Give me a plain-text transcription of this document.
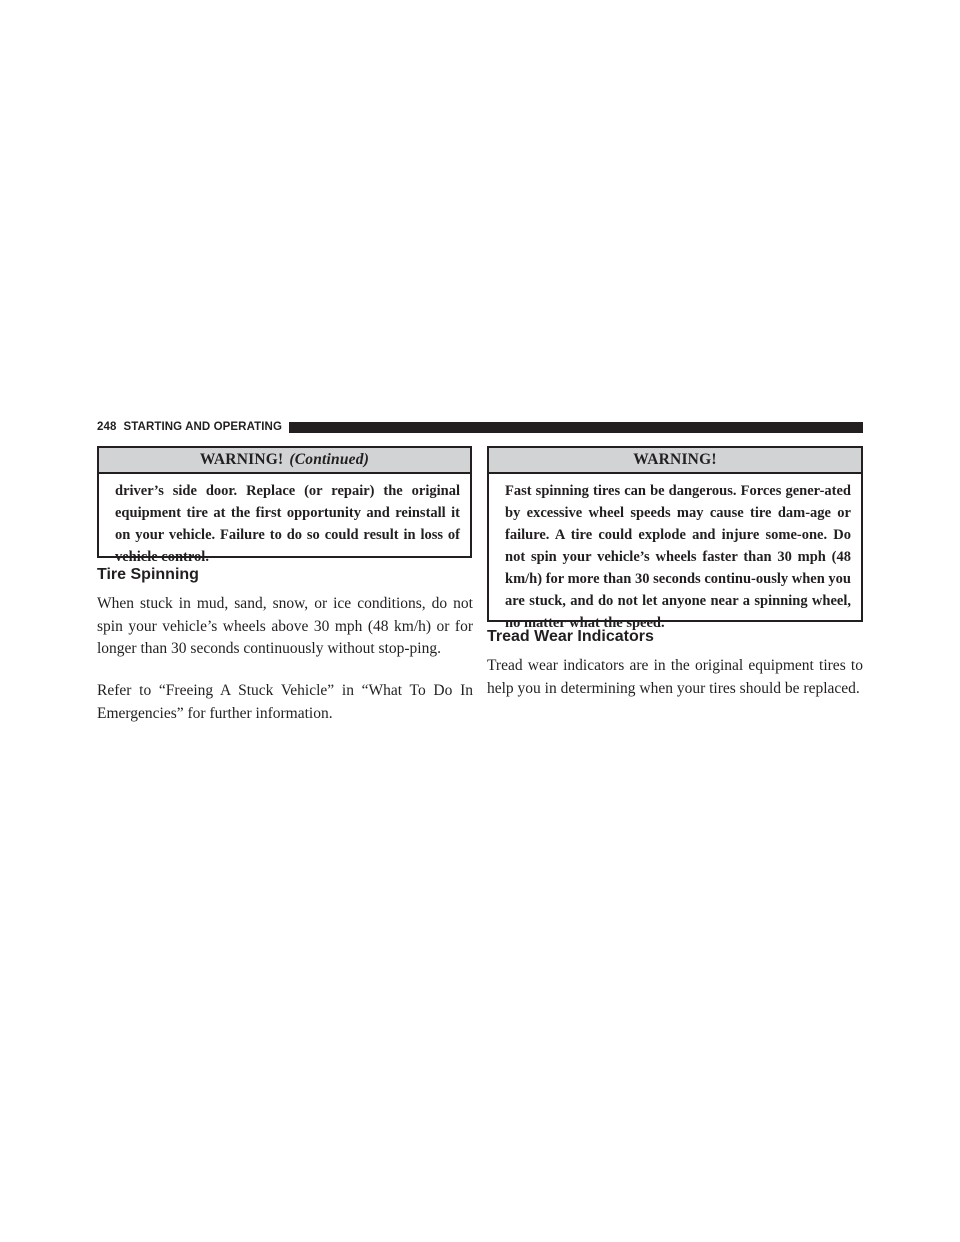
248 STARTING AND OPERATING
WARNING! (Continued)
driver’s side door. Replace (or repair) the original equipment tire at the first opportunity and reinstall it on your vehicle. Failure to do so could result in loss of vehicle control.
Tire Spinning

When stuck in mud, sand, snow, or ice conditions, do not spin your vehicle’s wheels above 30 mph (48 km/h) or for longer than 30 seconds continuously without stop-ping.

Refer to “Freeing A Stuck Vehicle” in “What To Do In Emergencies” for further information.

WARNING!
Fast spinning tires can be dangerous. Forces gener-ated by excessive wheel speeds may cause tire dam-age or failure. A tire could explode and injure some-one. Do not spin your vehicle’s wheels faster than 30 mph (48 km/h) for more than 30 seconds continu-ously when you are stuck, and do not let anyone near a spinning wheel, no matter what the speed.
Tread Wear Indicators

Tread wear indicators are in the original equipment tires to help you in determining when your tires should be replaced.
